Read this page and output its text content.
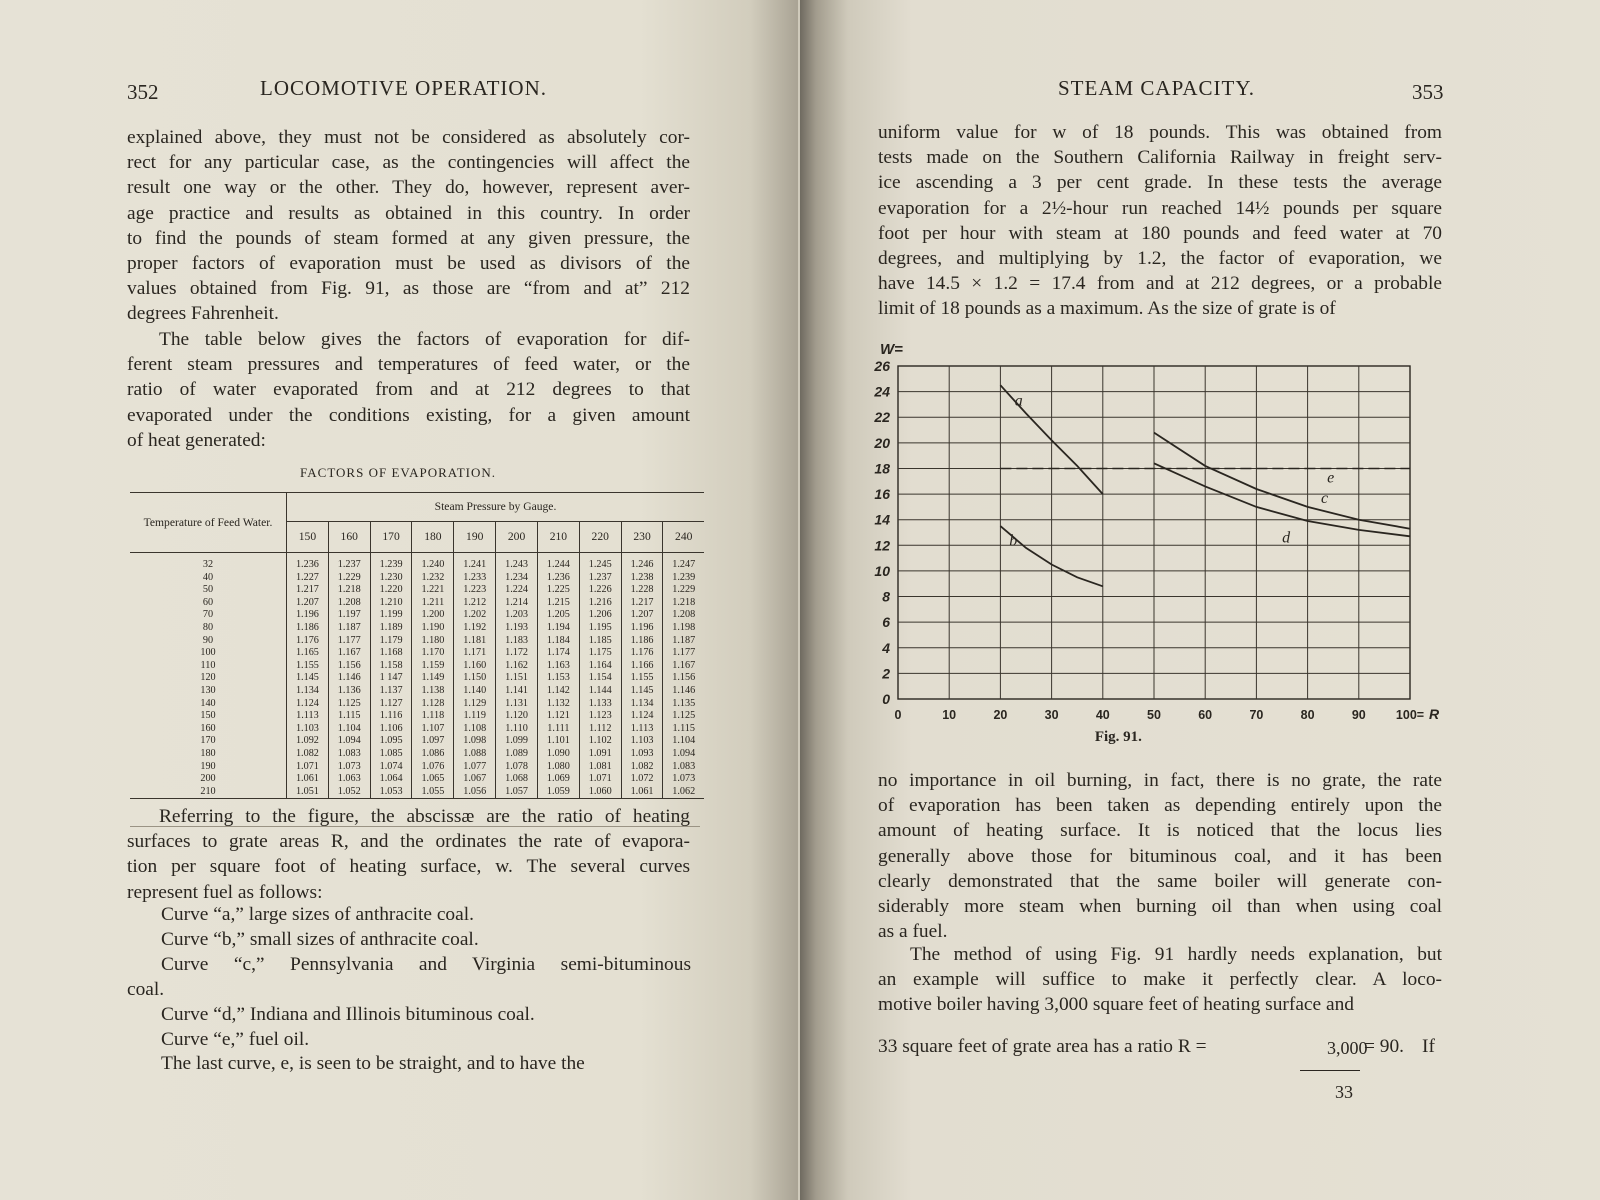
352	LOCOMOTIVE OPERATION.
explained above, they must not be considered as absolutely cor-
rect for any particular case, as the contingencies will affect the
result one way or the other. They do, however, represent aver-
age practice and results as obtained in this country. In order
to find the pounds of steam formed at any given pressure, the
proper factors of evaporation must be used as divisors of the
values obtained from Fig. 91, as those are “from and at” 212
degrees Fahrenheit.
The table below gives the factors of evaporation for dif-
ferent steam pressures and temperatures of feed water, or the
ratio of water evaporated from and at 212 degrees to that
evaporated under the conditions existing, for a given amount
of heat generated:
FACTORS OF EVAPORATION.
Temperature of Feed Water.	Steam Pressure by Gauge.									
	150	160	170	180	190	200	210	220	230	240
32	1.236	1.237	1.239	1.240	1.241	1.243	1.244	1.245	1.246	1.247
40	1.227	1.229	1.230	1.232	1.233	1.234	1.236	1.237	1.238	1.239
50	1.217	1.218	1.220	1.221	1.223	1.224	1.225	1.226	1.228	1.229
60	1.207	1.208	1.210	1.211	1.212	1.214	1.215	1.216	1.217	1.218
70	1.196	1.197	1.199	1.200	1.202	1.203	1.205	1.206	1.207	1.208
80	1.186	1.187	1.189	1.190	1.192	1.193	1.194	1.195	1.196	1.198
90	1.176	1.177	1.179	1.180	1.181	1.183	1.184	1.185	1.186	1.187
100	1.165	1.167	1.168	1.170	1.171	1.172	1.174	1.175	1.176	1.177
110	1.155	1.156	1.158	1.159	1.160	1.162	1.163	1.164	1.166	1.167
120	1.145	1.146	1 147	1.149	1.150	1.151	1.153	1.154	1.155	1.156
130	1.134	1.136	1.137	1.138	1.140	1.141	1.142	1.144	1.145	1.146
140	1.124	1.125	1.127	1.128	1.129	1.131	1.132	1.133	1.134	1.135
150	1.113	1.115	1.116	1.118	1.119	1.120	1.121	1.123	1.124	1.125
160	1.103	1.104	1.106	1.107	1.108	1.110	1.111	1.112	1.113	1.115
170	1.092	1.094	1.095	1.097	1.098	1.099	1.101	1.102	1.103	1.104
180	1.082	1.083	1.085	1.086	1.088	1.089	1.090	1.091	1.093	1.094
190	1.071	1.073	1.074	1.076	1.077	1.078	1.080	1.081	1.082	1.083
200	1.061	1.063	1.064	1.065	1.067	1.068	1.069	1.071	1.072	1.073
210	1.051	1.052	1.053	1.055	1.056	1.057	1.059	1.060	1.061	1.062
Referring to the figure, the abscissæ are the ratio of heating
surfaces to grate areas R, and the ordinates the rate of evapora-
tion per square foot of heating surface, w. The several curves
represent fuel as follows:
Curve “a,” large sizes of anthracite coal.
Curve “b,” small sizes of anthracite coal.
Curve “c,” Pennsylvania and Virginia semi-bituminous
coal.
Curve “d,” Indiana and Illinois bituminous coal.
Curve “e,” fuel oil.
The last curve, e, is seen to be straight, and to have the
STEAM CAPACITY.	353
uniform value for w of 18 pounds. This was obtained from
tests made on the Southern California Railway in freight serv-
ice ascending a 3 per cent grade. In these tests the average
evaporation for a 2½-hour run reached 14½ pounds per square
foot per hour with steam at 180 pounds and feed water at 70
degrees, and multiplying by 1.2, the factor of evaporation, we
have 14.5 × 1.2 = 17.4 from and at 212 degrees, or a probable
limit of 18 pounds as a maximum. As the size of grate is of
0
2
4
6
8
10
12
14
16
18
20
22
24
26
0	10	20	30	40	50	60	70	80	90 100= R
W=
a
b
c
d
e
Fig. 91.
no importance in oil burning, in fact, there is no grate, the rate
of evaporation has been taken as depending entirely upon the
amount of heating surface. It is noticed that the locus lies
generally above those for bituminous coal, and it has been
clearly demonstrated that the same boiler will generate con-
siderably more steam when burning oil than when using coal
as a fuel.
The method of using Fig. 91 hardly needs explanation, but
an example will suffice to make it perfectly clear. A loco-
motive boiler having 3,000 square feet of heating surface and
33 square feet of grate area has a ratio R =	3,000
33
= 90. If
